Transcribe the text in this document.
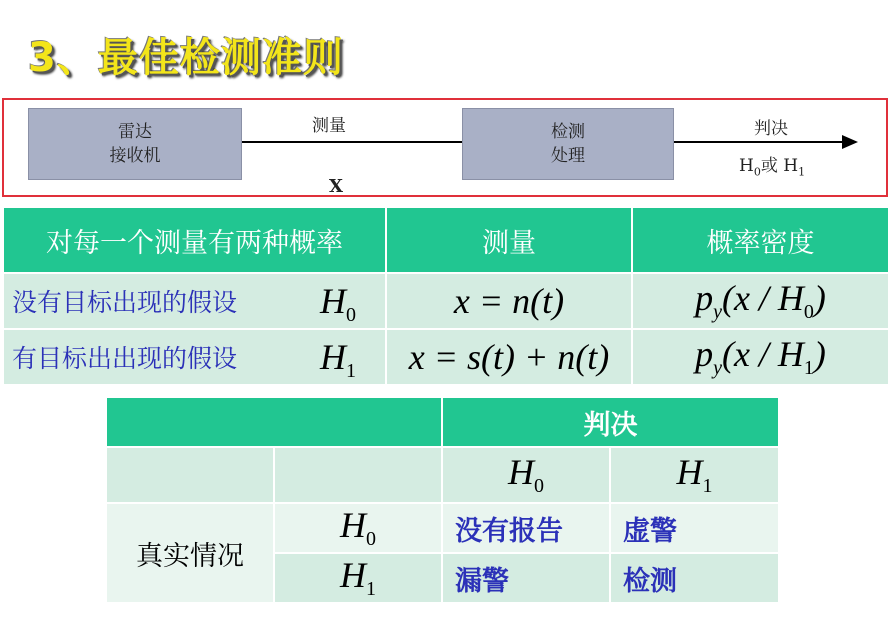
3、最佳检测准则
雷达
接收机
测量
X
检测
处理
判决
$H_0$或 $H_1$
对每一个测量有两种概率	测量	概率密度
没有目标出现的假设 $H_0$	x = n(t)	$p_y(x / H_0)$
有目标出出现的假设 $H_1$	x = s(t) + n(t)	$p_y(x / H_1)$
		判决	
		$H_0$	$H_1$
真实情况	$H_0$	没有报告	虚警
	$H_1$	漏警	检测
